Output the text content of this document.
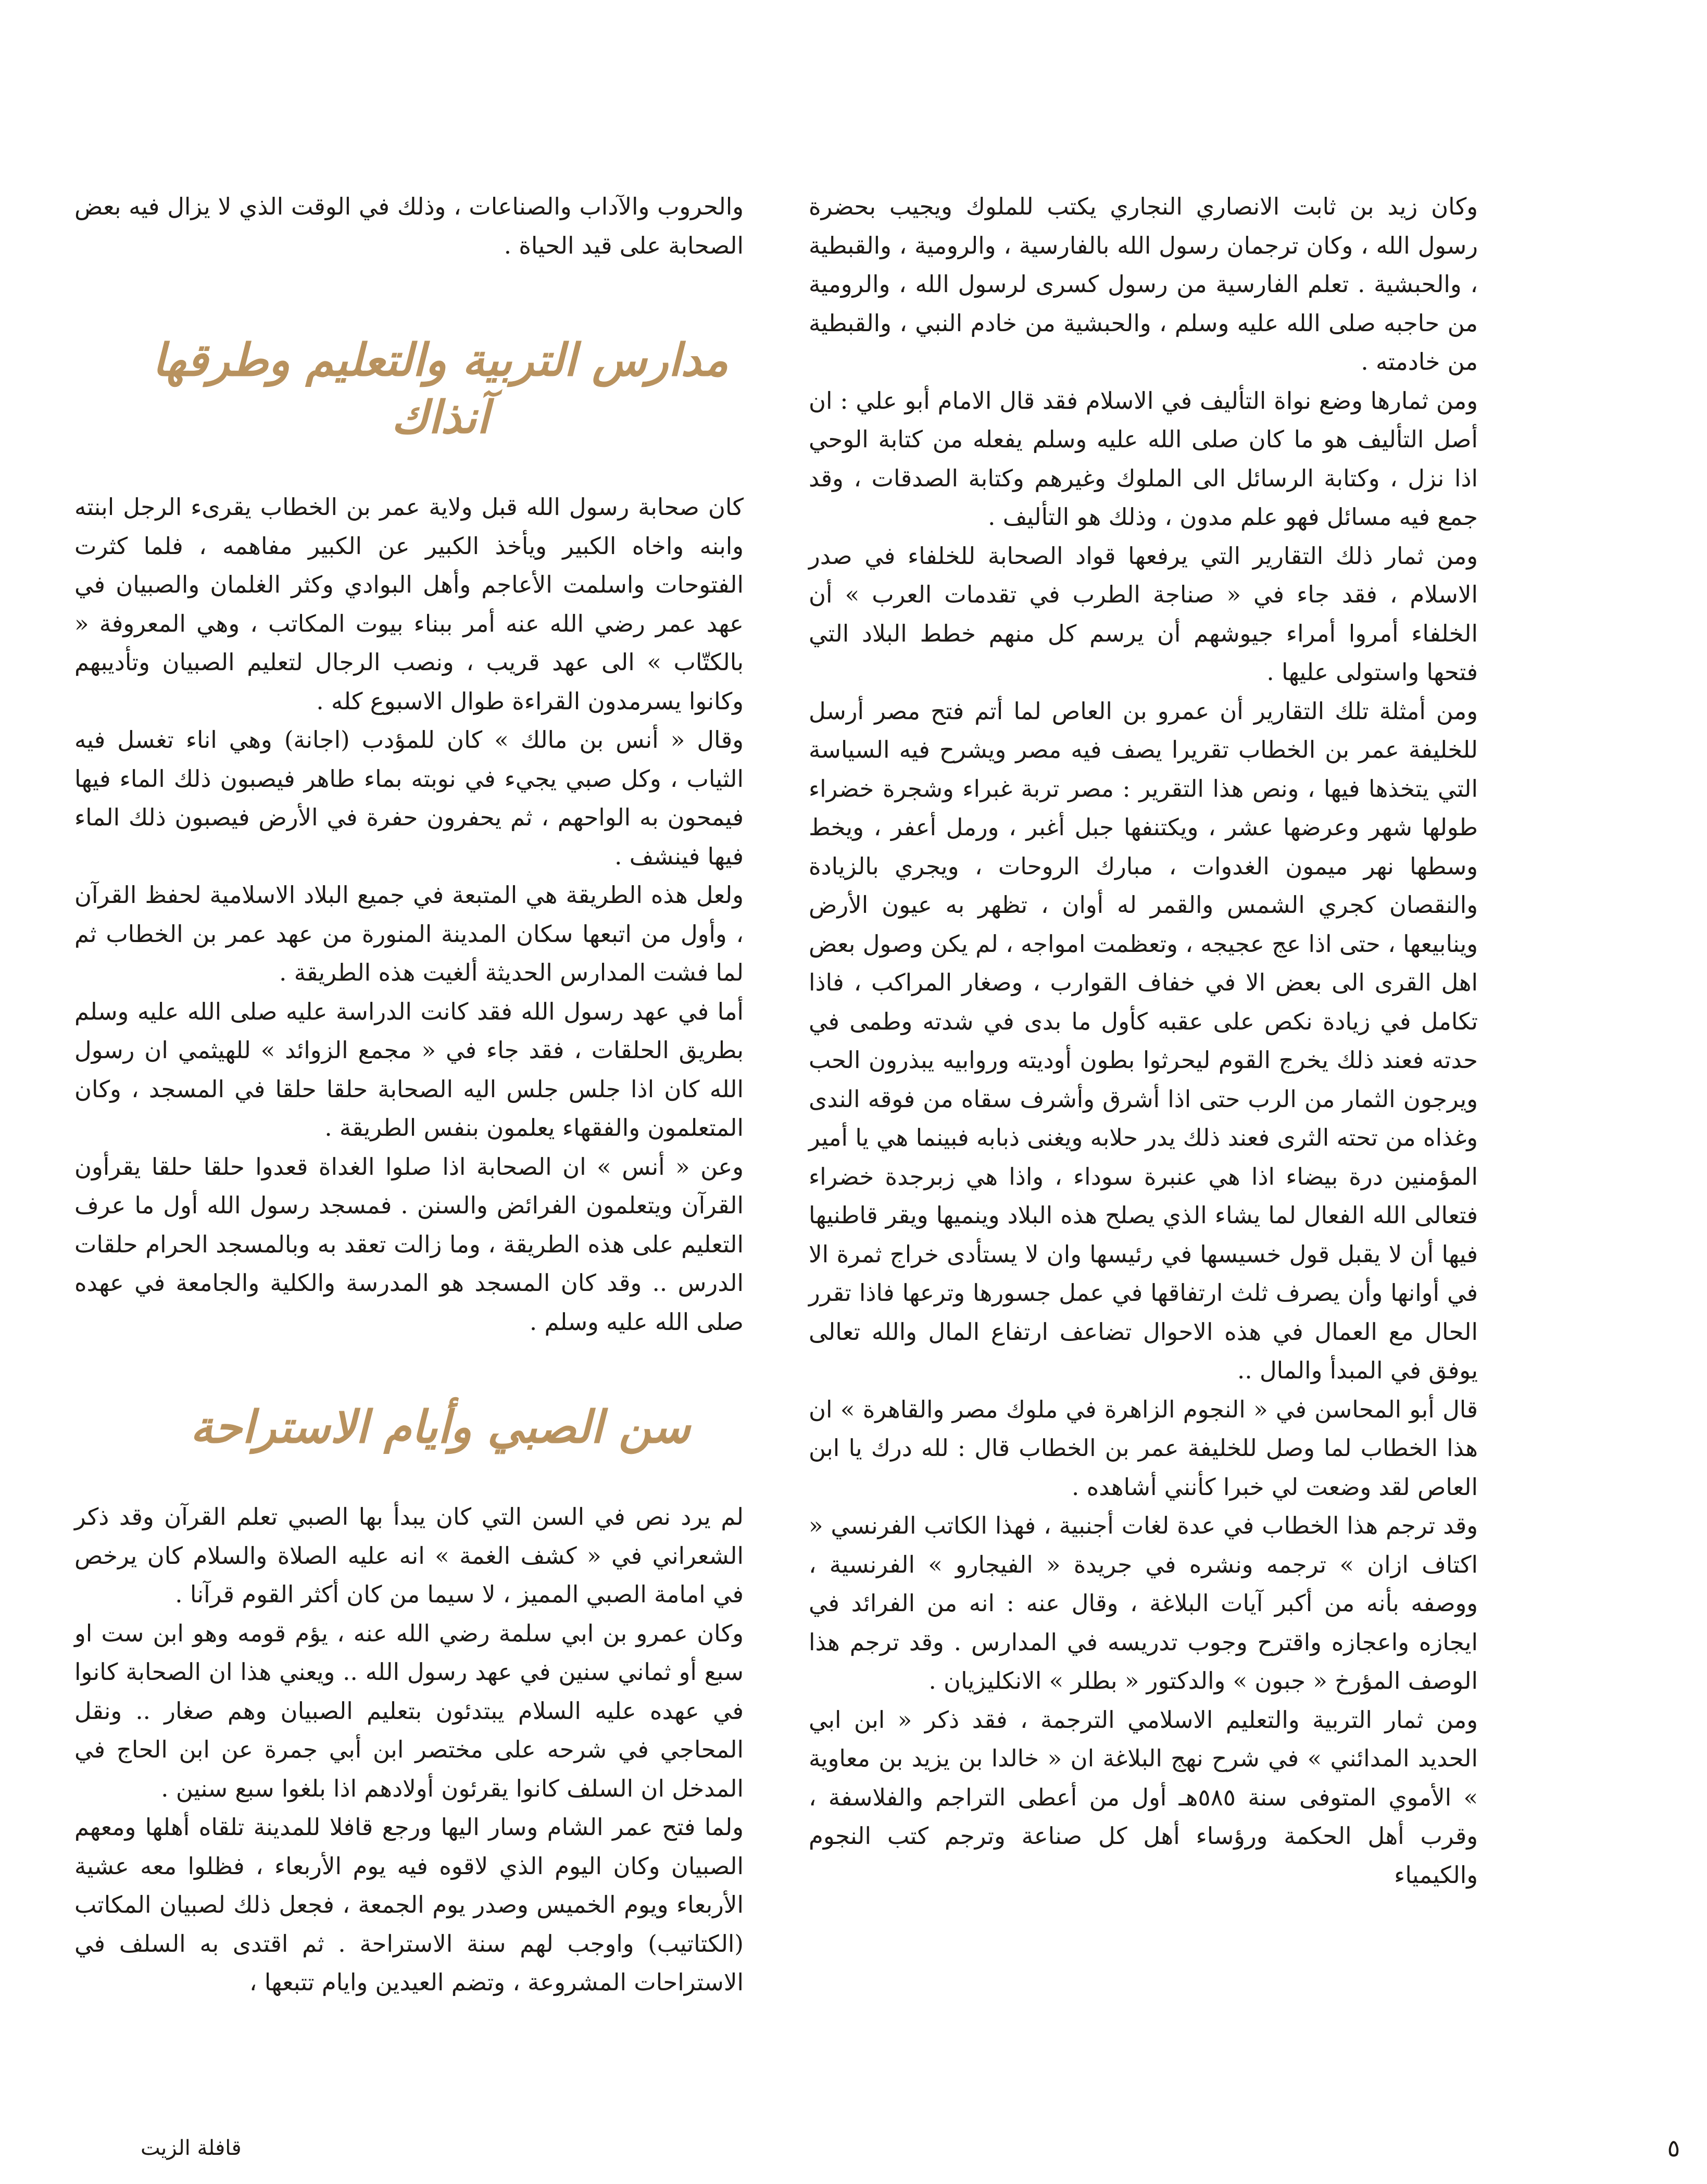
وكان زيد بن ثابت الانصاري النجاري يكتب للملوك ويجيب بحضرة رسول الله ، وكان ترجمان رسول الله بالفارسية ، والرومية ، والقبطية ، والحبشية . تعلم الفارسية من رسول كسرى لرسول الله ، والرومية من حاجبه صلى الله عليه وسلم ، والحبشية من خادم النبي ، والقبطية من خادمته .

ومن ثمارها وضع نواة التأليف في الاسلام فقد قال الامام أبو علي : ان أصل التأليف هو ما كان صلى الله عليه وسلم يفعله من كتابة الوحي اذا نزل ، وكتابة الرسائل الى الملوك وغيرهم وكتابة الصدقات ، وقد جمع فيه مسائل فهو علم مدون ، وذلك هو التأليف .

ومن ثمار ذلك التقارير التي يرفعها قواد الصحابة للخلفاء في صدر الاسلام ، فقد جاء في « صناجة الطرب في تقدمات العرب » أن الخلفاء أمروا أمراء جيوشهم أن يرسم كل منهم خطط البلاد التي فتحها واستولى عليها .

ومن أمثلة تلك التقارير أن عمرو بن العاص لما أتم فتح مصر أرسل للخليفة عمر بن الخطاب تقريرا يصف فيه مصر ويشرح فيه السياسة التي يتخذها فيها ، ونص هذا التقرير : مصر تربة غبراء وشجرة خضراء طولها شهر وعرضها عشر ، ويكتنفها جبل أغبر ، ورمل أعفر ، ويخط وسطها نهر ميمون الغدوات ، مبارك الروحات ، ويجري بالزيادة والنقصان كجري الشمس والقمر له أوان ، تظهر به عيون الأرض وينابيعها ، حتى اذا عج عجيجه ، وتعظمت امواجه ، لم يكن وصول بعض اهل القرى الى بعض الا في خفاف القوارب ، وصغار المراكب ، فاذا تكامل في زيادة نكص على عقبه كأول ما بدى في شدته وطمى في حدته فعند ذلك يخرج القوم ليحرثوا بطون أوديته وروابيه يبذرون الحب ويرجون الثمار من الرب حتى اذا أشرق وأشرف سقاه من فوقه الندى وغذاه من تحته الثرى فعند ذلك يدر حلابه ويغنى ذبابه فبينما هي يا أمير المؤمنين درة بيضاء اذا هي عنبرة سوداء ، واذا هي زبرجدة خضراء فتعالى الله الفعال لما يشاء الذي يصلح هذه البلاد وينميها ويقر قاطنيها فيها أن لا يقبل قول خسيسها في رئيسها وان لا يستأدى خراج ثمرة الا في أوانها وأن يصرف ثلث ارتفاقها في عمل جسورها وترعها فاذا تقرر الحال مع العمال في هذه الاحوال تضاعف ارتفاع المال والله تعالى يوفق في المبدأ والمال ..

قال أبو المحاسن في « النجوم الزاهرة في ملوك مصر والقاهرة » ان هذا الخطاب لما وصل للخليفة عمر بن الخطاب قال : لله درك يا ابن العاص لقد وضعت لي خبرا كأنني أشاهده .

وقد ترجم هذا الخطاب في عدة لغات أجنبية ، فهذا الكاتب الفرنسي « اكتاف ازان » ترجمه ونشره في جريدة « الفيجارو » الفرنسية ، ووصفه بأنه من أكبر آيات البلاغة ، وقال عنه : انه من الفرائد في ايجازه واعجازه واقترح وجوب تدريسه في المدارس . وقد ترجم هذا الوصف المؤرخ « جبون » والدكتور « بطلر » الانكليزيان .

ومن ثمار التربية والتعليم الاسلامي الترجمة ، فقد ذكر « ابن ابي الحديد المدائني » في شرح نهج البلاغة ان « خالدا بن يزيد بن معاوية » الأموي المتوفى سنة ٥٨٥هـ أول من أعطى التراجم والفلاسفة ، وقرب أهل الحكمة ورؤساء أهل كل صناعة وترجم كتب النجوم والكيمياء

والحروب والآداب والصناعات ، وذلك في الوقت الذي لا يزال فيه بعض الصحابة على قيد الحياة .

مدارس التربية والتعليم وطرقها آنذاك

كان صحابة رسول الله قبل ولاية عمر بن الخطاب يقرىء الرجل ابنته وابنه واخاه الكبير ويأخذ الكبير عن الكبير مفاهمه ، فلما كثرت الفتوحات واسلمت الأعاجم وأهل البوادي وكثر الغلمان والصبيان في عهد عمر رضي الله عنه أمر ببناء بيوت المكاتب ، وهي المعروفة « بالكتّاب » الى عهد قريب ، ونصب الرجال لتعليم الصبيان وتأديبهم وكانوا يسرمدون القراءة طوال الاسبوع كله .

وقال « أنس بن مالك » كان للمؤدب (اجانة) وهي اناء تغسل فيه الثياب ، وكل صبي يجيء في نوبته بماء طاهر فيصبون ذلك الماء فيها فيمحون به الواحهم ، ثم يحفرون حفرة في الأرض فيصبون ذلك الماء فيها فينشف .

ولعل هذه الطريقة هي المتبعة في جميع البلاد الاسلامية لحفظ القرآن ، وأول من اتبعها سكان المدينة المنورة من عهد عمر بن الخطاب ثم لما فشت المدارس الحديثة ألغيت هذه الطريقة .

أما في عهد رسول الله فقد كانت الدراسة عليه صلى الله عليه وسلم بطريق الحلقات ، فقد جاء في « مجمع الزوائد » للهيثمي ان رسول الله كان اذا جلس جلس اليه الصحابة حلقا حلقا في المسجد ، وكان المتعلمون والفقهاء يعلمون بنفس الطريقة .

وعن « أنس » ان الصحابة اذا صلوا الغداة قعدوا حلقا حلقا يقرأون القرآن ويتعلمون الفرائض والسنن . فمسجد رسول الله أول ما عرف التعليم على هذه الطريقة ، وما زالت تعقد به وبالمسجد الحرام حلقات الدرس .. وقد كان المسجد هو المدرسة والكلية والجامعة في عهده صلى الله عليه وسلم .

سن الصبي وأيام الاستراحة

لم يرد نص في السن التي كان يبدأ بها الصبي تعلم القرآن وقد ذكر الشعراني في « كشف الغمة » انه عليه الصلاة والسلام كان يرخص في امامة الصبي المميز ، لا سيما من كان أكثر القوم قرآنا .

وكان عمرو بن ابي سلمة رضي الله عنه ، يؤم قومه وهو ابن ست او سبع أو ثماني سنين في عهد رسول الله .. ويعني هذا ان الصحابة كانوا في عهده عليه السلام يبتدئون بتعليم الصبيان وهم صغار .. ونقل المحاجي في شرحه على مختصر ابن أبي جمرة عن ابن الحاج في المدخل ان السلف كانوا يقرئون أولادهم اذا بلغوا سبع سنين .

ولما فتح عمر الشام وسار اليها ورجع قافلا للمدينة تلقاه أهلها ومعهم الصبيان وكان اليوم الذي لاقوه فيه يوم الأربعاء ، فظلوا معه عشية الأربعاء ويوم الخميس وصدر يوم الجمعة ، فجعل ذلك لصبيان المكاتب (الكتاتيب) واوجب لهم سنة الاستراحة . ثم اقتدى به السلف في الاستراحات المشروعة ، وتضم العيدين وايام تتبعها ،

٥
قافلة الزيت
